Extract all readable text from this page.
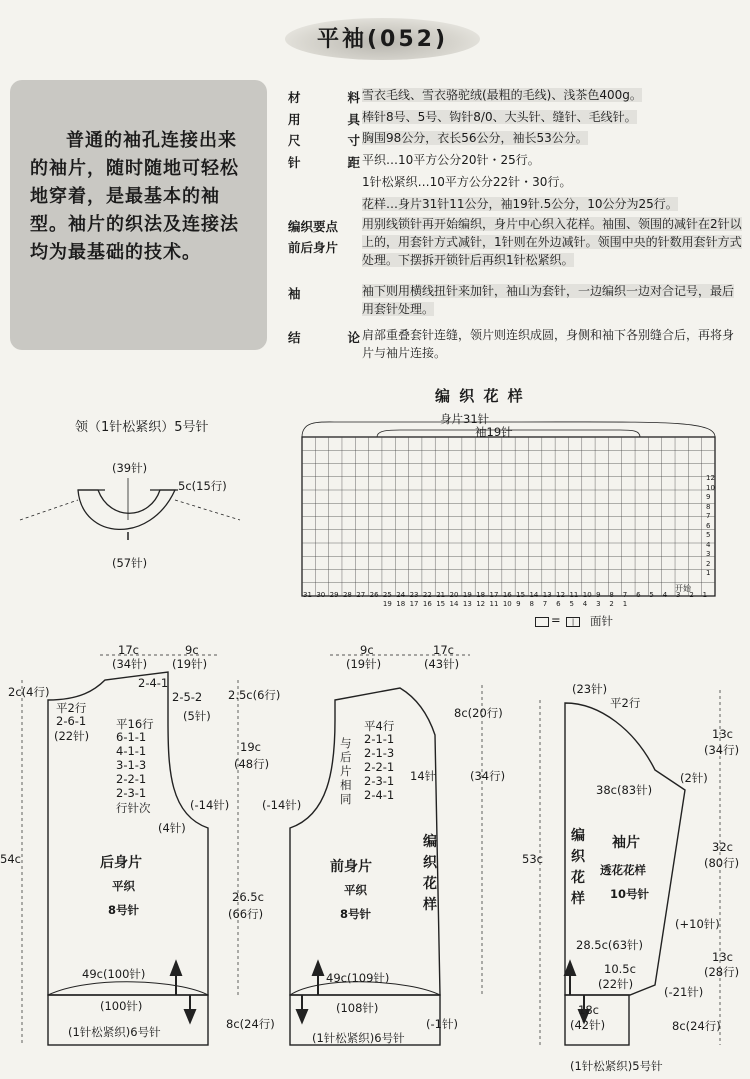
平袖(052)
普通的袖孔连接出来的袖片，随时随地可轻松地穿着，是最基本的袖型。袖片的织法及连接法均为最基础的技术。
材	料 雪衣毛线、雪衣骆驼绒(最粗的毛线)、浅茶色400g。
用	具 棒针8号、5号、钩针8/0、大头针、缝针、毛线针。
尺	寸 胸围98公分，衣长56公分，袖长53公分。
针	距 平织…10平方公分20针・25行。
1针松紧织…10平方公分22针・30行。
花样…身片31针11公分，袖19针.5公分，10公分为25行。
编织要点
前后身片
用别线锁针再开始编织，身片中心织入花样。袖围、领围的减针在2针以上的，用套针方式减针，1针则在外边减针。领围中央的针数用套针方式处理。下摆拆开锁针后再织1针松紧织。
袖	袖下则用横线扭针来加针，袖山为套针，一边编织一边对合记号，最后用套针处理。
结	论 肩部重叠套针连缝，领片则连织成圆，身侧和袖下各别缝合后，再将身片与袖片连接。
领（1针松紧织）5号针
(39针)
5c(15行)
(57针)
编 织 花 样
身片31针
袖19针
31 30 29 28 27 26 25 24 23 22 21 20 19 18 17 16 15 14 13 12 11 10 9 8 7 6 5 4 3 2 1
19 18 17 16 15 14 13 12 11 10 9 8 7 6 5 4 3 2 1
12
10
9
8
7
6
5
4
3
2
1
开始
=	|	面针
17c
(34针)
9c
(19针)
2-4-1
2-5-2
(5针)
2.5c(6行)
2c(4行)
平2行
2-6-1
(22针)
平16行
6-1-1
4-1-1
3-1-3
2-2-1
2-3-1
行针次
19c
(48行)
(-14针)
(4针)
26.5c
(66行)
54c	后身片
平织
8号针
49c(100针)
(100针)
8c(24行)
(1针松紧织)6号针
9c
(19针)
17c
(43针)
平4行
2-1-1
2-1-3
2-2-1
2-3-1
2-4-1
与后片相同
8c(20行)
14针	(34行)
(-14针)
前身片
平织
8号针
编织花样
49c(109针)
(108针)
(-1针)
(1针松紧织)6号针
(23针)
平2行
13c
(34行)
(2针)
38c(83针)
32c
(80行)
(+10针)
13c
(28行)
53c
编织花样
袖片
透花花样
10号针
28.5c(63针)
10.5c
(22针)
(-21针)
18c
(42针)	8c(24行)
(1针松紧织)5号针
